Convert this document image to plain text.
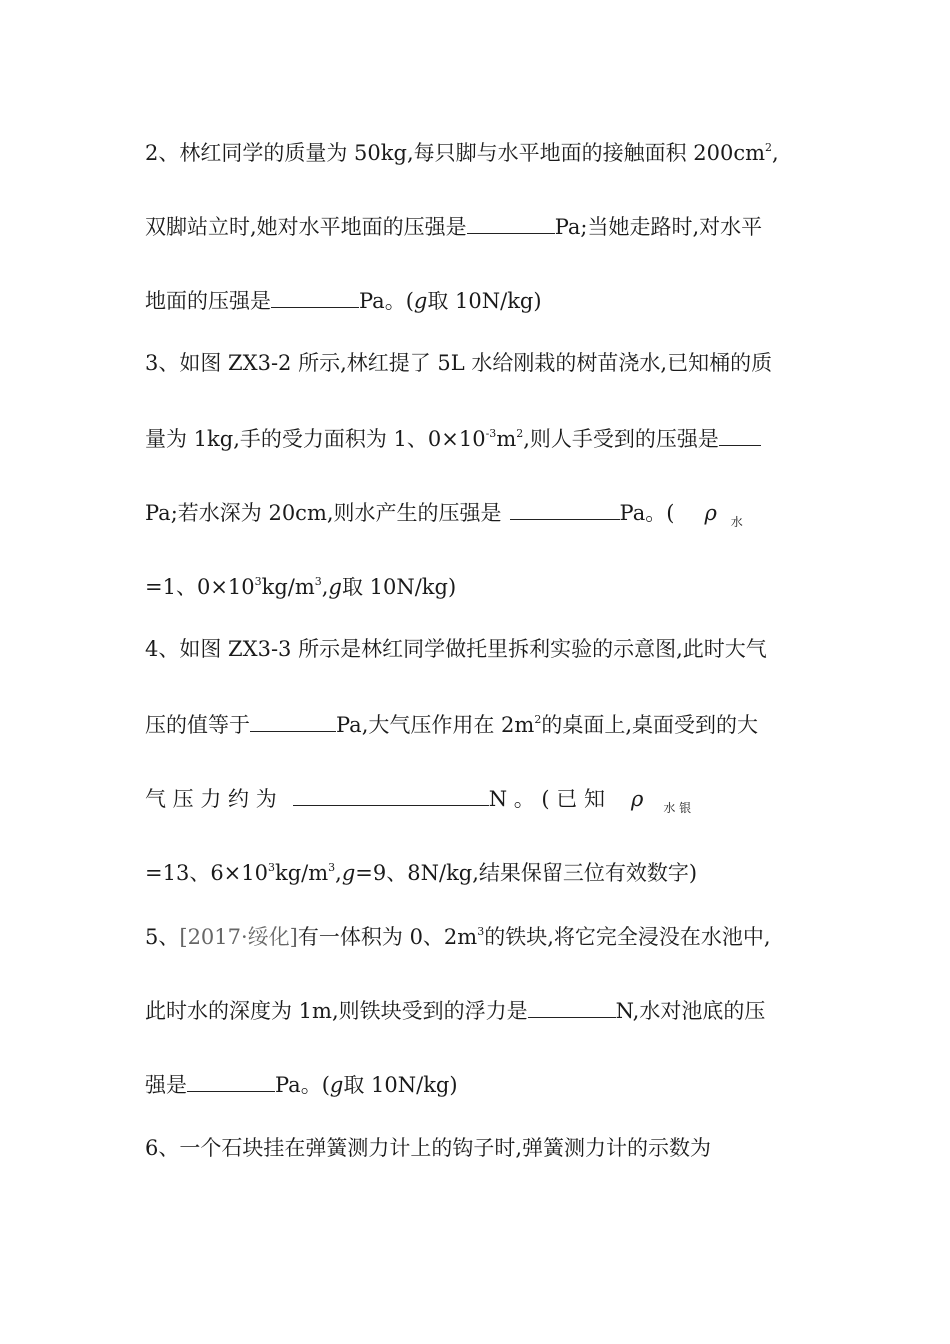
2、林红同学的质量为 50kg,每只脚与水平地面的接触面积 $200cm^2$,
双脚站立时,她对水平地面的压强是	Pa;当她走路时,对水平
地面的压强是	Pa。(g取 10N/kg)
3、如图 ZX3-2 所示,林红提了 5L 水给刚栽的树苗浇水,已知桶的质
量为 1kg,手的受力面积为 1、$0\times 10^{-3}m^2$,则人手受到的压强是
Pa;若水深为 20cm,则水产生的压强是	Pa。( ρ $_水$
=1、$0\times 10^3kg/m^3,g$取 10N/kg)
4、如图 ZX3-3 所示是林红同学做托里拆利实验的示意图,此时大气
压的值等于	Pa,大气压作用在 $2m^2$的桌面上,桌面受到的大
气 压 力 约 为	N 。 ( 已 知 ρ $_{水 银}$
=13、$6\times 10^3kg/m^3,g=9$、8N/kg,结果保留三位有效数字)
5、[2017·绥化]有一体积为 0、$2m^3$的铁块,将它完全浸没在水池中,
此时水的深度为 1m,则铁块受到的浮力是	N,水对池底的压
强是	Pa。(g取 10N/kg)
6、一个石块挂在弹簧测力计上的钩子时,弹簧测力计的示数为
